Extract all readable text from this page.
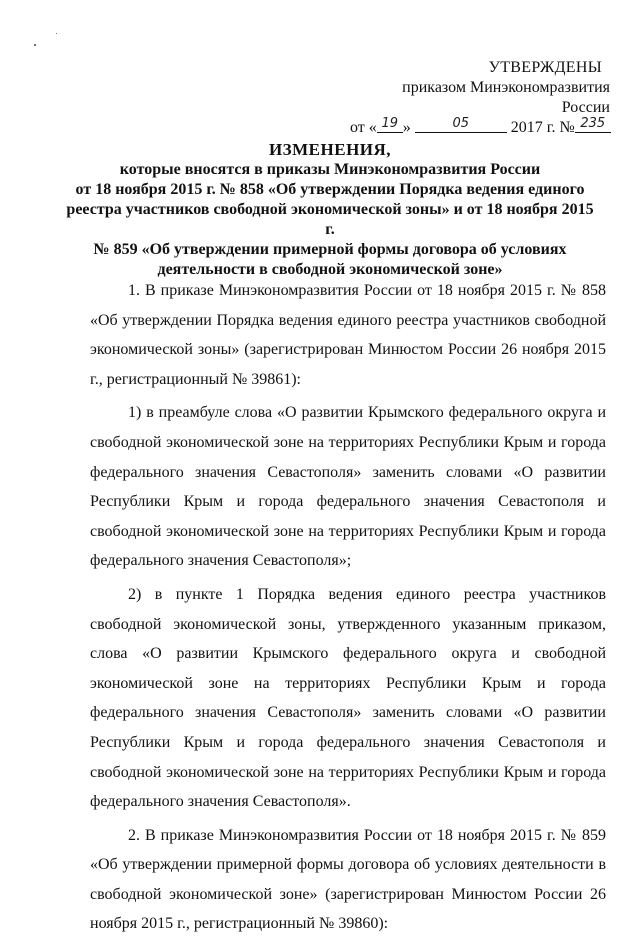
УТВЕРЖДЕНЫ
приказом Минэкономразвития России
от « 19 »	05	2017 г. № 235
ИЗМЕНЕНИЯ,
которые вносятся в приказы Минэкономразвития России
от 18 ноября 2015 г. № 858 «Об утверждении Порядка ведения единого
реестра участников свободной экономической зоны» и от 18 ноября 2015 г.
№ 859 «Об утверждении примерной формы договора об условиях
деятельности в свободной экономической зоне»

1. В приказе Минэкономразвития России от 18 ноября 2015 г. № 858 «Об утверждении Порядка ведения единого реестра участников свободной экономической зоны» (зарегистрирован Минюстом России 26 ноября 2015 г., регистрационный № 39861):

1) в преамбуле слова «О развитии Крымского федерального округа и свободной экономической зоне на территориях Республики Крым и города федерального значения Севастополя» заменить словами «О развитии Республики Крым и города федерального значения Севастополя и свободной экономической зоне на территориях Республики Крым и города федерального значения Севастополя»;

2) в пункте 1 Порядка ведения единого реестра участников свободной экономической зоны, утвержденного указанным приказом, слова «О развитии Крымского федерального округа и свободной экономической зоне на территориях Республики Крым и города федерального значения Севастополя» заменить словами «О развитии Республики Крым и города федерального значения Севастополя и свободной экономической зоне на территориях Республики Крым и города федерального значения Севастополя».

2. В приказе Минэкономразвития России от 18 ноября 2015 г. № 859 «Об утверждении примерной формы договора об условиях деятельности в свободной экономической зоне» (зарегистрирован Минюстом России 26 ноября 2015 г., регистрационный № 39860):
